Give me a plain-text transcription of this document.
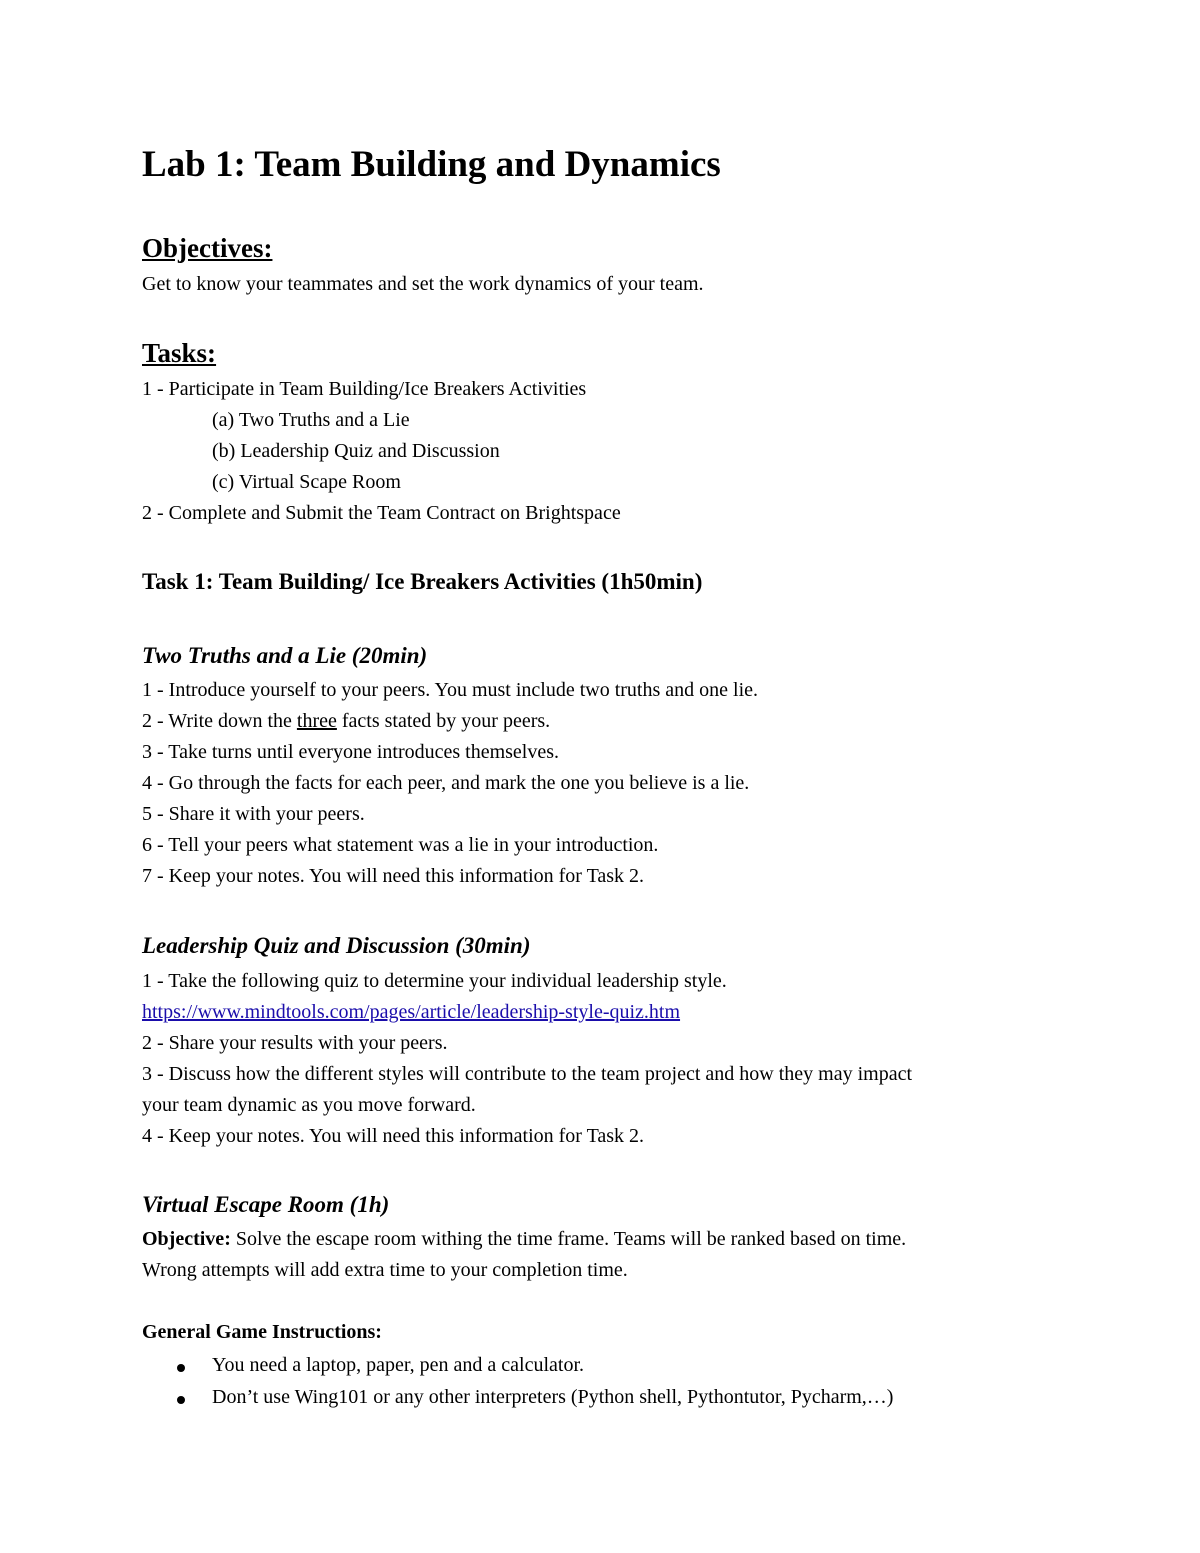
Lab 1: Team Building and Dynamics
Objectives:
Get to know your teammates and set the work dynamics of your team.
Tasks:
1 - Participate in Team Building/Ice Breakers Activities
(a) Two Truths and a Lie
(b) Leadership Quiz and Discussion
(c) Virtual Scape Room
2 - Complete and Submit the Team Contract on Brightspace
Task 1: Team Building/ Ice Breakers Activities (1h50min)
Two Truths and a Lie (20min)
1 - Introduce yourself to your peers. You must include two truths and one lie.
2 - Write down the three facts stated by your peers.
3 - Take turns until everyone introduces themselves.
4 - Go through the facts for each peer, and mark the one you believe is a lie.
5 - Share it with your peers.
6 - Tell your peers what statement was a lie in your introduction.
7 - Keep your notes. You will need this information for Task 2.
Leadership Quiz and Discussion (30min)
1 - Take the following quiz to determine your individual leadership style.
https://www.mindtools.com/pages/article/leadership-style-quiz.htm
2 - Share your results with your peers.
3 - Discuss how the different styles will contribute to the team project and how they may impact
your team dynamic as you move forward.
4 - Keep your notes. You will need this information for Task 2.
Virtual Escape Room (1h)
Objective: Solve the escape room withing the time frame. Teams will be ranked based on time.
Wrong attempts will add extra time to your completion time.
General Game Instructions:
You need a laptop, paper, pen and a calculator.
Don’t use Wing101 or any other interpreters (Python shell, Pythontutor, Pycharm,…)
